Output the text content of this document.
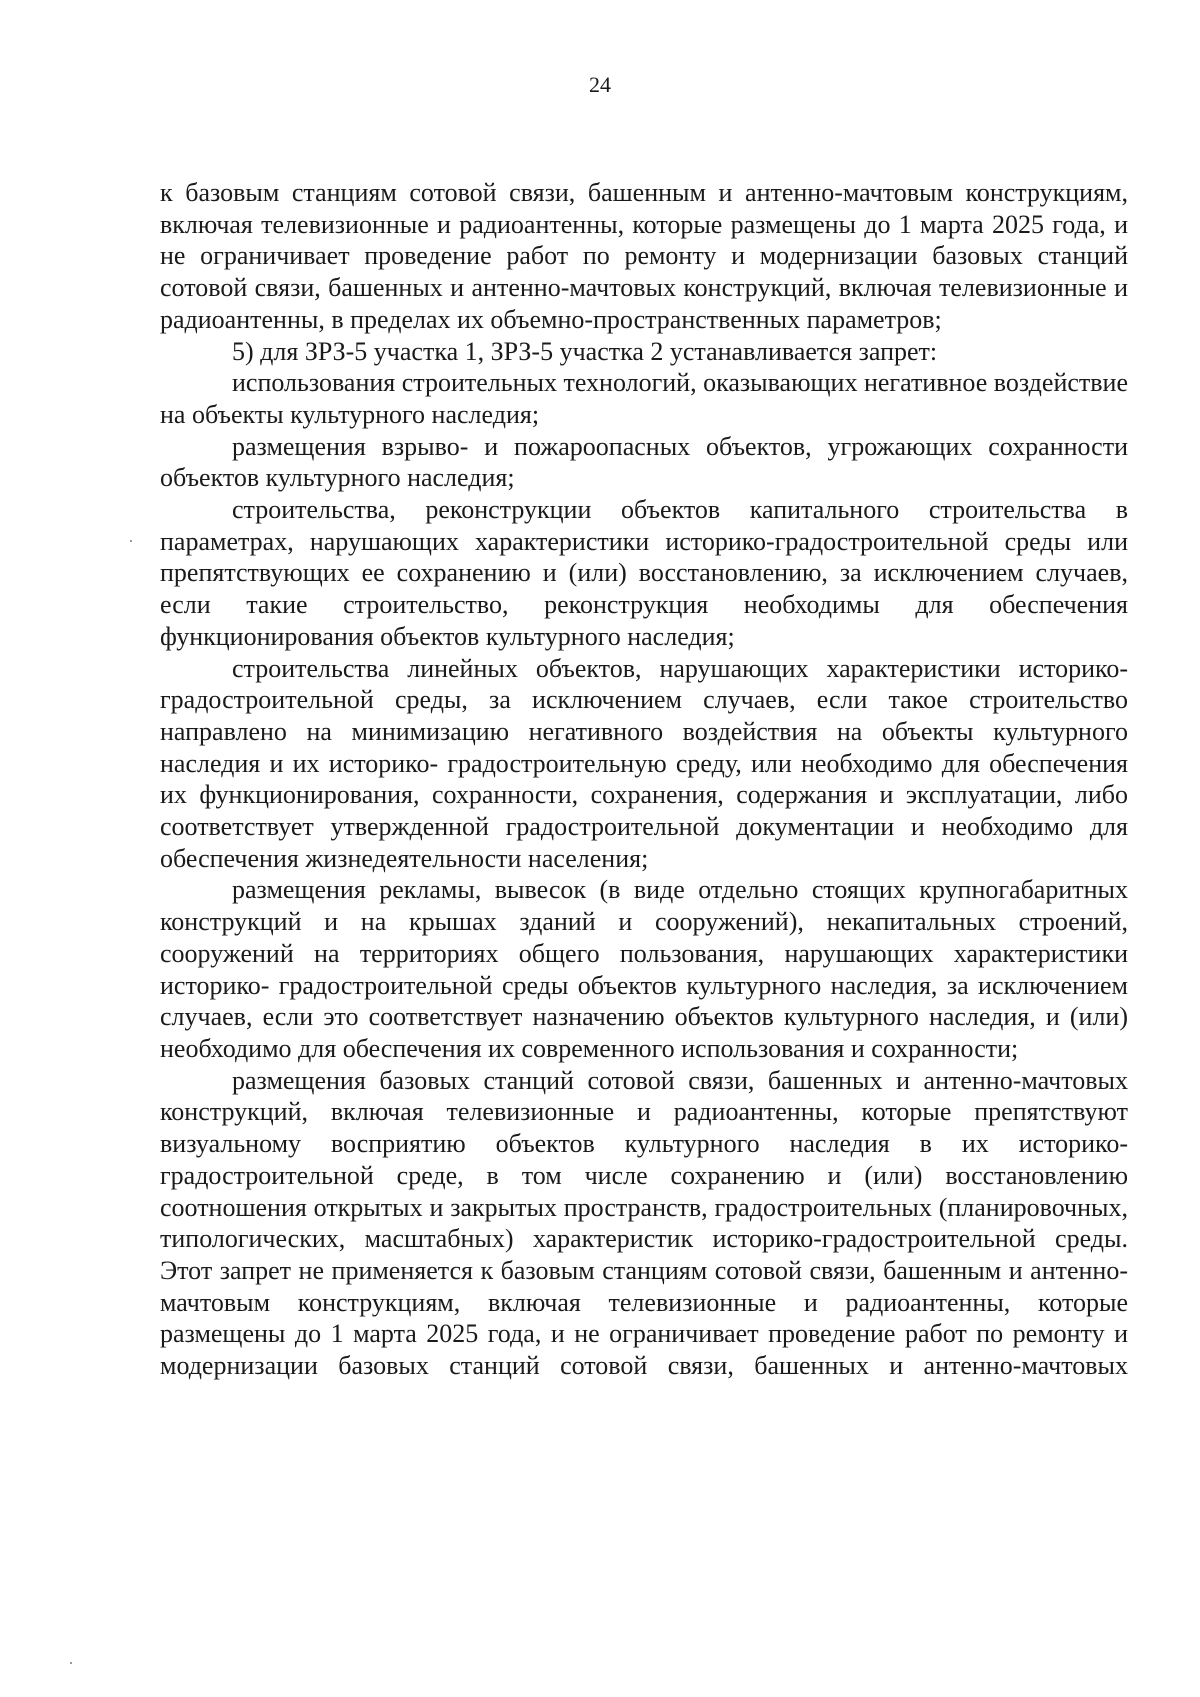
24

к базовым станциям сотовой связи, башенным и антенно-мачтовым конструкциям, включая телевизионные и радиоантенны, которые размещены до 1 марта 2025 года, и не ограничивает проведение работ по ремонту и модернизации базовых станций сотовой связи, башенных и антенно-мачтовых конструкций, включая телевизионные и радиоантенны, в пределах их объемно-пространственных параметров;

5) для ЗРЗ-5 участка 1, ЗРЗ-5 участка 2 устанавливается запрет:

использования строительных технологий, оказывающих негативное воздействие на объекты культурного наследия;

размещения взрыво- и пожароопасных объектов, угрожающих сохранности объектов культурного наследия;

строительства, реконструкции объектов капитального строительства в параметрах, нарушающих характеристики историко-градостроительной среды или препятствующих ее сохранению и (или) восстановлению, за исключением случаев, если такие строительство, реконструкция необходимы для обеспечения функционирования объектов культурного наследия;

строительства линейных объектов, нарушающих характеристики историко- градостроительной среды, за исключением случаев, если такое строительство направлено на минимизацию негативного воздействия на объекты культурного наследия и их историко- градостроительную среду, или необходимо для обеспечения их функционирования, сохранности, сохранения, содержания и эксплуатации, либо соответствует утвержденной градостроительной документации и необходимо для обеспечения жизнедеятельности населения;

размещения рекламы, вывесок (в виде отдельно стоящих крупногабаритных конструкций и на крышах зданий и сооружений), некапитальных строений, сооружений на территориях общего пользования, нарушающих характеристики историко- градостроительной среды объектов культурного наследия, за исключением случаев, если это соответствует назначению объектов культурного наследия, и (или) необходимо для обеспечения их современного использования и сохранности;

размещения базовых станций сотовой связи, башенных и антенно-мачтовых конструкций, включая телевизионные и радиоантенны, которые препятствуют визуальному восприятию объектов культурного наследия в их историко-градостроительной среде, в том числе сохранению и (или) восстановлению соотношения открытых и закрытых пространств, градостроительных (планировочных, типологических, масштабных) характеристик историко-градостроительной среды. Этот запрет не применяется к базовым станциям сотовой связи, башенным и антенно-мачтовым конструкциям, включая телевизионные и радиоантенны, которые размещены до 1 марта 2025 года, и не ограничивает проведение работ по ремонту и модернизации базовых станций сотовой связи, башенных и антенно-мачтовых
